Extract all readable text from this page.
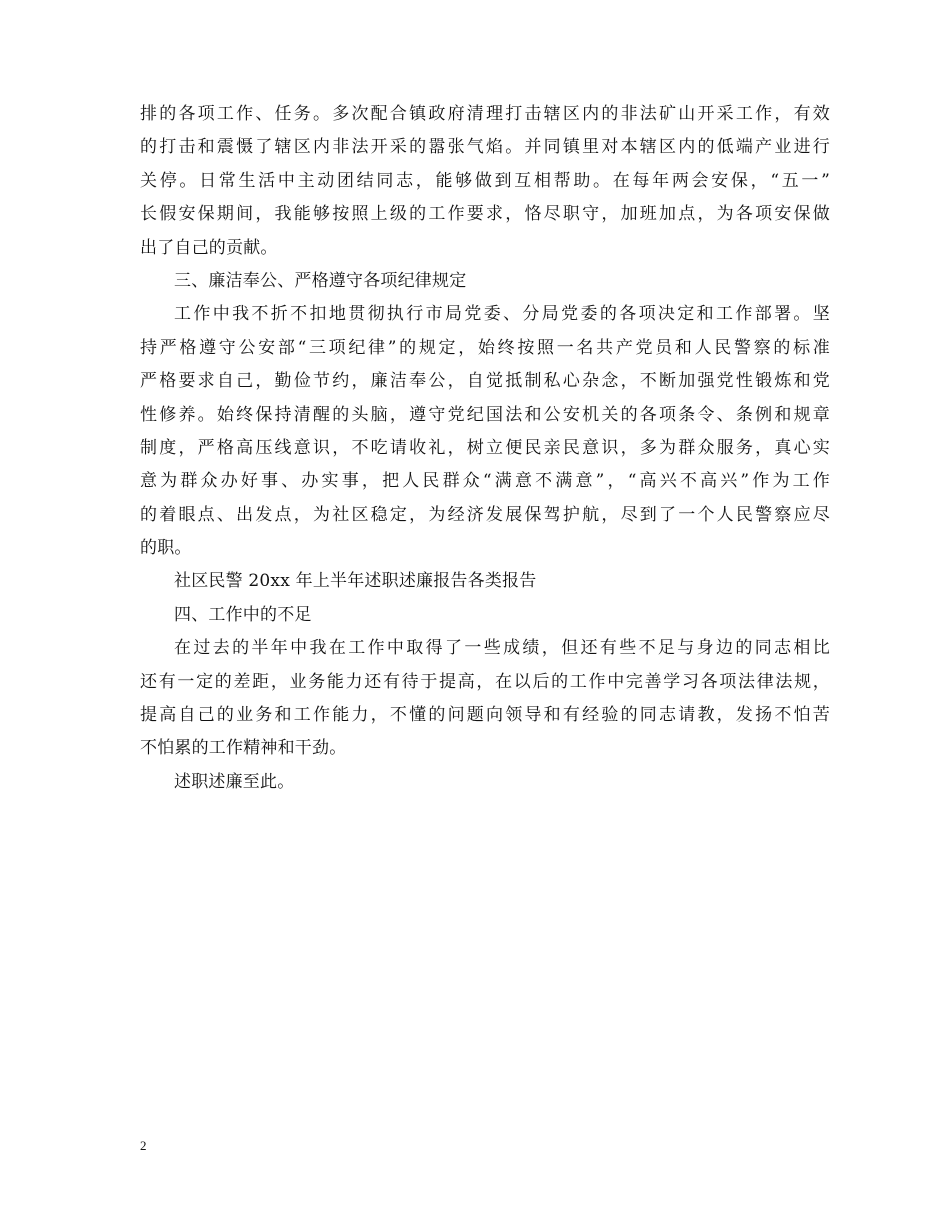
排的各项工作、任务。多次配合镇政府清理打击辖区内的非法矿山开采工作，有效
的打击和震慑了辖区内非法开采的嚣张气焰。并同镇里对本辖区内的低端产业进行
关停。日常生活中主动团结同志，能够做到互相帮助。在每年两会安保，“五一”
长假安保期间，我能够按照上级的工作要求，恪尽职守，加班加点，为各项安保做
出了自己的贡献。
三、廉洁奉公、严格遵守各项纪律规定
工作中我不折不扣地贯彻执行市局党委、分局党委的各项决定和工作部署。坚
持严格遵守公安部“三项纪律”的规定，始终按照一名共产党员和人民警察的标准
严格要求自己，勤俭节约，廉洁奉公，自觉抵制私心杂念，不断加强党性锻炼和党
性修养。始终保持清醒的头脑，遵守党纪国法和公安机关的各项条令、条例和规章
制度，严格高压线意识，不吃请收礼，树立便民亲民意识，多为群众服务，真心实
意为群众办好事、办实事，把人民群众“满意不满意”，“高兴不高兴”作为工作
的着眼点、出发点，为社区稳定，为经济发展保驾护航，尽到了一个人民警察应尽
的职。
社区民警 20xx 年上半年述职述廉报告各类报告
四、工作中的不足
在过去的半年中我在工作中取得了一些成绩，但还有些不足与身边的同志相比
还有一定的差距，业务能力还有待于提高，在以后的工作中完善学习各项法律法规，
提高自己的业务和工作能力，不懂的问题向领导和有经验的同志请教，发扬不怕苦
不怕累的工作精神和干劲。
述职述廉至此。
2
